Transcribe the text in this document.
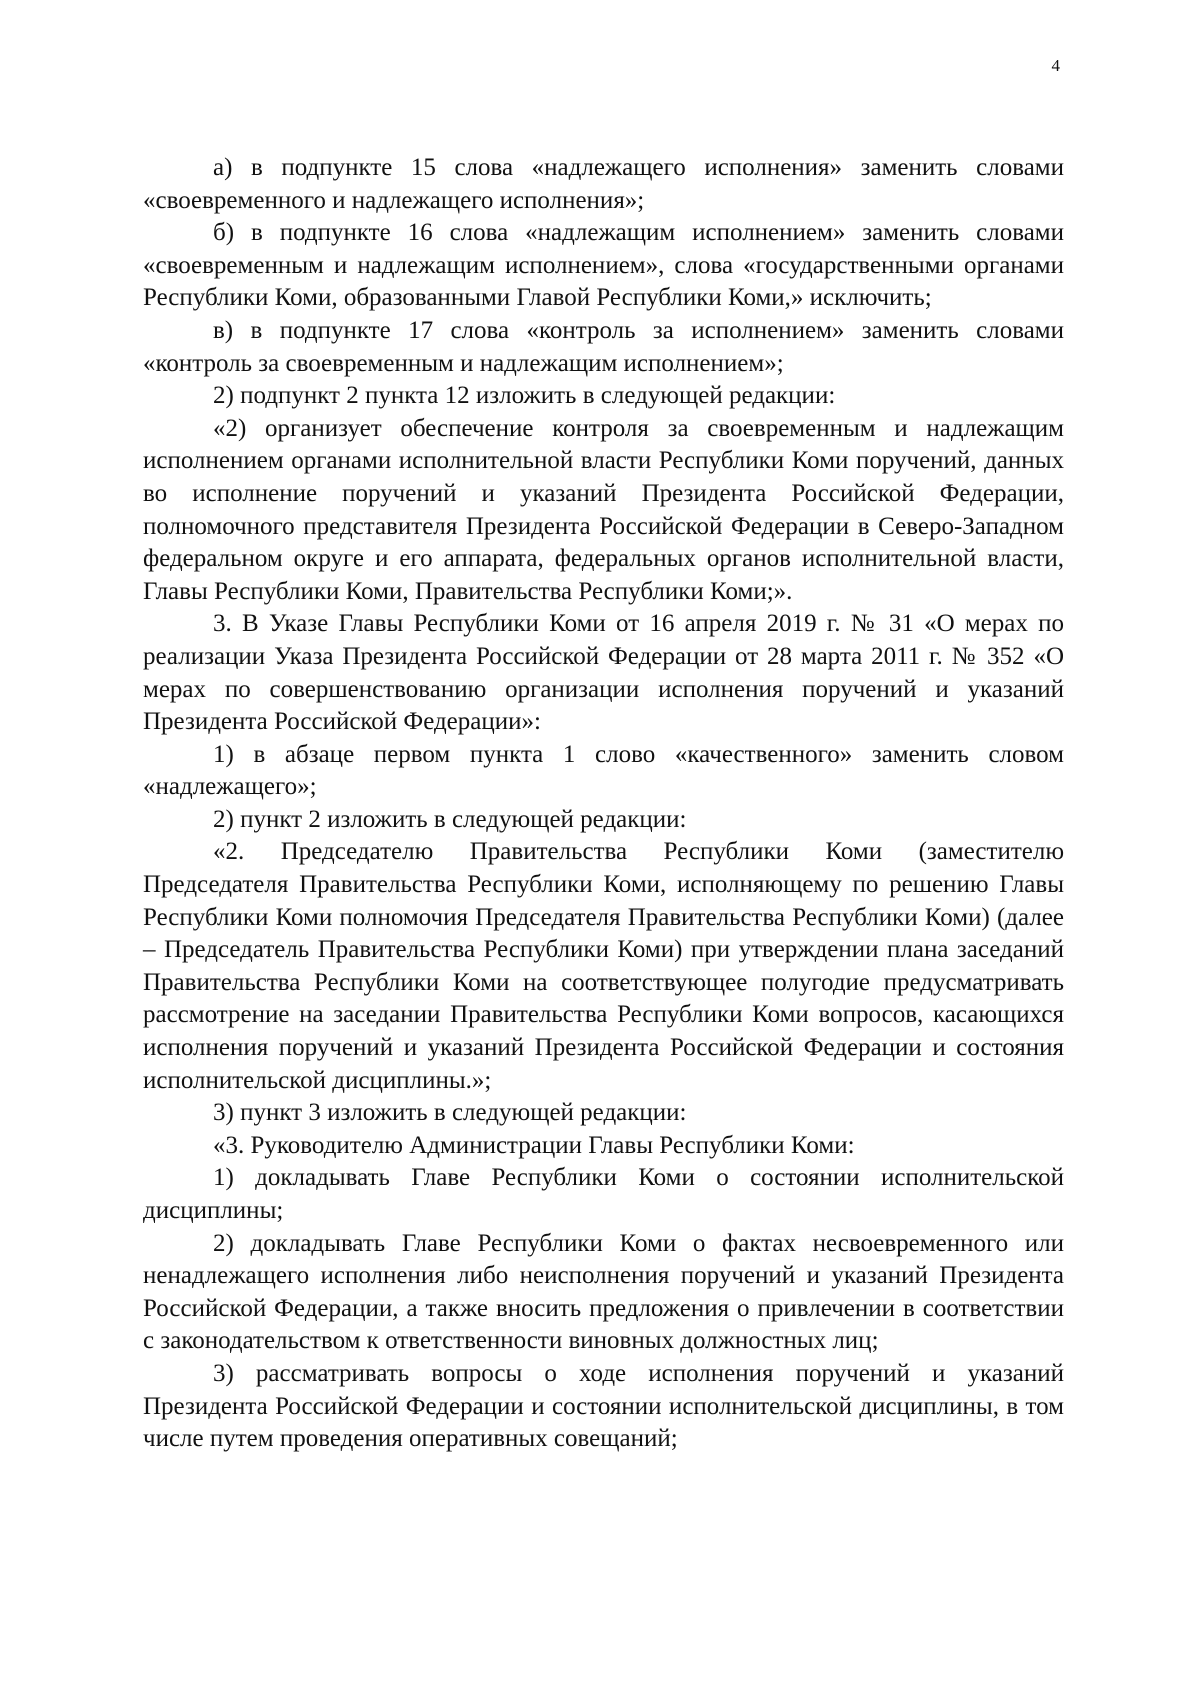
4

а) в подпункте 15 слова «надлежащего исполнения» заменить словами «своевременного и надлежащего исполнения»;

б) в подпункте 16 слова «надлежащим исполнением» заменить словами «своевременным и надлежащим исполнением», слова «государственными органами Республики Коми, образованными Главой Республики Коми,» исключить;

в) в подпункте 17 слова «контроль за исполнением» заменить словами «контроль за своевременным и надлежащим исполнением»;

2) подпункт 2 пункта 12 изложить в следующей редакции:

«2) организует обеспечение контроля за своевременным и надлежащим исполнением органами исполнительной власти Республики Коми поручений, данных во исполнение поручений и указаний Президента Российской Федерации, полномочного представителя Президента Российской Федерации в Северо-Западном федеральном округе и его аппарата, федеральных органов исполнительной власти, Главы Республики Коми, Правительства Республики Коми;».

3. В Указе Главы Республики Коми от 16 апреля 2019 г. № 31 «О мерах по реализации Указа Президента Российской Федерации от 28 марта 2011 г. № 352 «О мерах по совершенствованию организации исполнения поручений и указаний Президента Российской Федерации»:

1) в абзаце первом пункта 1 слово «качественного» заменить словом «надлежащего»;

2) пункт 2 изложить в следующей редакции:

«2. Председателю Правительства Республики Коми (заместителю Председателя Правительства Республики Коми, исполняющему по решению Главы Республики Коми полномочия Председателя Правительства Республики Коми) (далее – Председатель Правительства Республики Коми) при утверждении плана заседаний Правительства Республики Коми на соответствующее полугодие предусматривать рассмотрение на заседании Правительства Республики Коми вопросов, касающихся исполнения поручений и указаний Президента Российской Федерации и состояния исполнительской дисциплины.»;

3) пункт 3 изложить в следующей редакции:

«3. Руководителю Администрации Главы Республики Коми:

1) докладывать Главе Республики Коми о состоянии исполнительской дисциплины;

2) докладывать Главе Республики Коми о фактах несвоевременного или ненадлежащего исполнения либо неисполнения поручений и указаний Президента Российской Федерации, а также вносить предложения о привлечении в соответствии с законодательством к ответственности виновных должностных лиц;

3) рассматривать вопросы о ходе исполнения поручений и указаний Президента Российской Федерации и состоянии исполнительской дисциплины, в том числе путем проведения оперативных совещаний;
